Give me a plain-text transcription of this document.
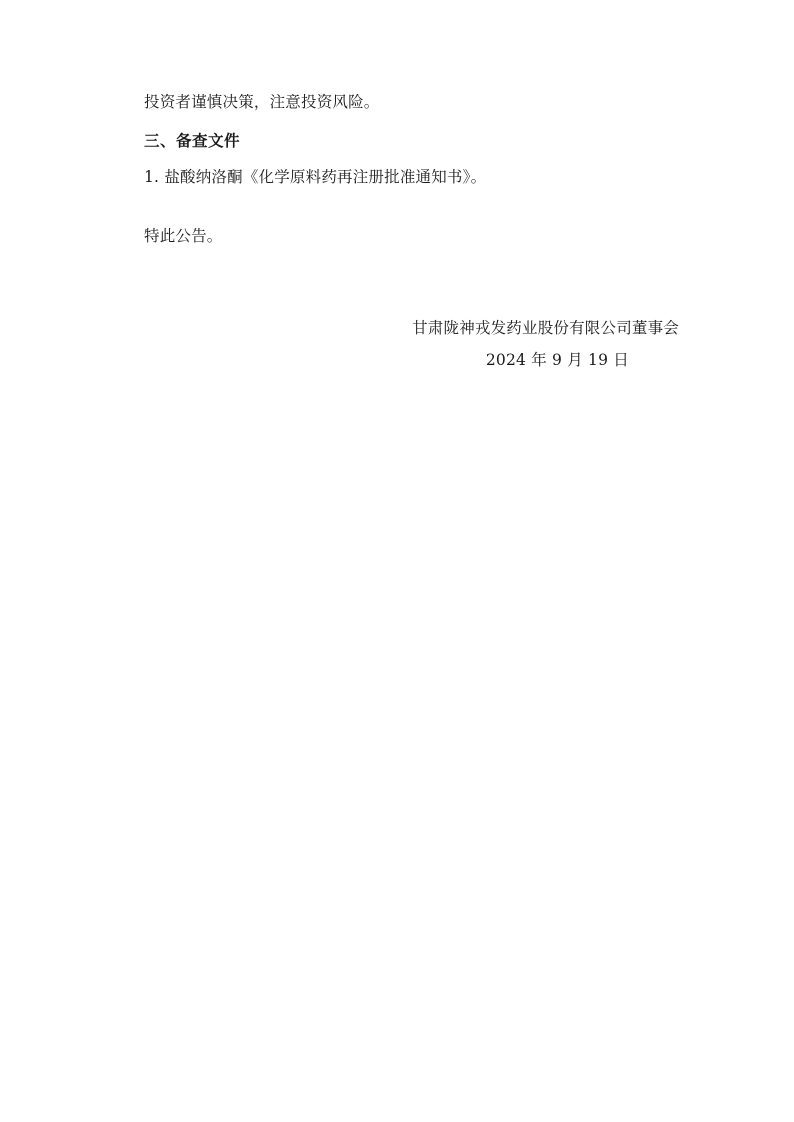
投资者谨慎决策，注意投资风险。

三、备查文件

1. 盐酸纳洛酮《化学原料药再注册批准通知书》。

特此公告。

甘肃陇神戎发药业股份有限公司董事会

2024 年 9 月 19 日
